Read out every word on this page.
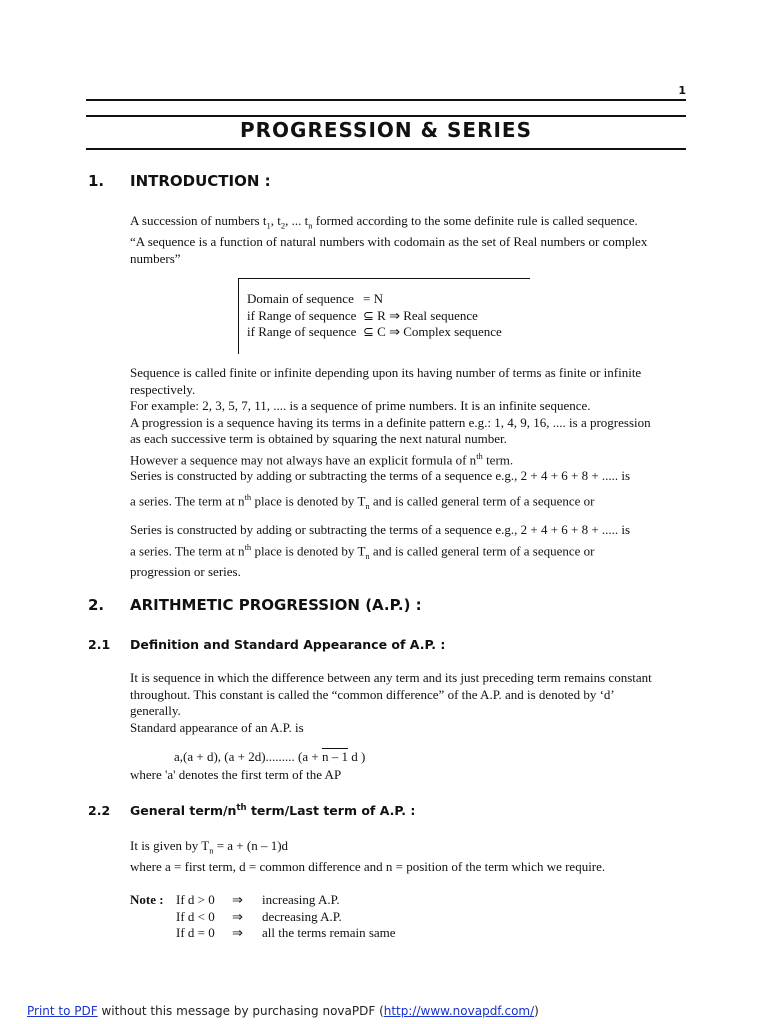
1
PROGRESSION & SERIES
1. INTRODUCTION :

A succession of numbers $t_1$, $t_2$, ... $t_n$ formed according to the some definite rule is called sequence.

“A sequence is a function of natural numbers with codomain as the set of Real numbers or complex

numbers”

Domain of sequence = N
if Range of sequence ⊆ R ⇒ Real sequence
if Range of sequence ⊆ C ⇒ Complex sequence

Sequence is called finite or infinite depending upon its having number of terms as finite or infinite

respectively.

For example: 2, 3, 5, 7, 11, .... is a sequence of prime numbers. It is an infinite sequence.

A progression is a sequence having its terms in a definite pattern e.g.: 1, 4, 9, 16, .... is a progression

as each successive term is obtained by squaring the next natural number.

However a sequence may not always have an explicit formula of $n^{th}$ term.

Series is constructed by adding or subtracting the terms of a sequence e.g., 2 + 4 + 6 + 8 + ..... is

a series. The term at $n^{th}$ place is denoted by $T_n$ and is called general term of a sequence or

Series is constructed by adding or subtracting the terms of a sequence e.g., 2 + 4 + 6 + 8 + ..... is

a series. The term at $n^{th}$ place is denoted by $T_n$ and is called general term of a sequence or

progression or series.

2. ARITHMETIC PROGRESSION (A.P.) :
2.1 Definition and Standard Appearance of A.P. :

It is sequence in which the difference between any term and its just preceding term remains constant

throughout. This constant is called the “common difference” of the A.P. and is denoted by ‘d’

generally.

Standard appearance of an A.P. is

a,(a + d), (a + 2d)......... (a + n – 1 d )

where 'a' denotes the first term of the AP

2.2 General term/$n^{th}$ term/Last term of A.P. :

It is given by $T_n = a + (n - 1)d$

where a = first term, d = common difference and n = position of the term which we require.

Note : If d > 0	⇒	increasing A.P.
If d < 0	⇒	decreasing A.P.
If d = 0	⇒	all the terms remain same
Print to PDF without this message by purchasing novaPDF (http://www.novapdf.com/)
